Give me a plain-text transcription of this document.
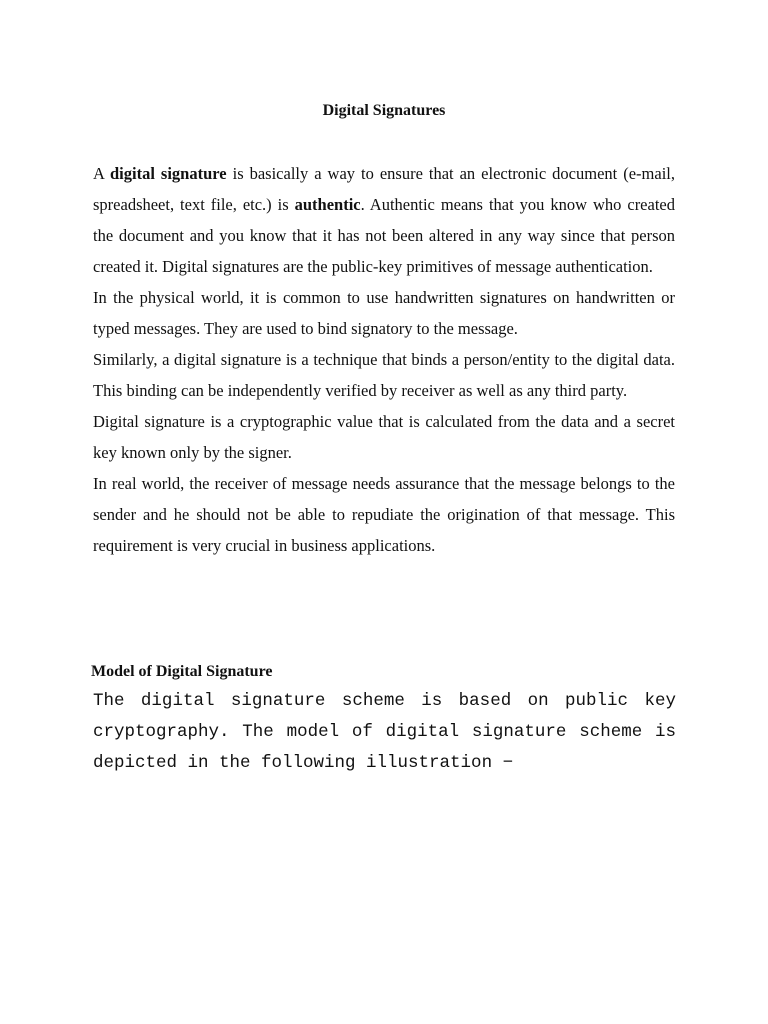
Digital Signatures

A digital signature is basically a way to ensure that an electronic document (e-mail, spreadsheet, text file, etc.) is authentic. Authentic means that you know who created the document and you know that it has not been altered in any way since that person created it. Digital signatures are the public-key primitives of message authentication.

In the physical world, it is common to use handwritten signatures on handwritten or typed messages. They are used to bind signatory to the message.

Similarly, a digital signature is a technique that binds a person/entity to the digital data. This binding can be independently verified by receiver as well as any third party.

Digital signature is a cryptographic value that is calculated from the data and a secret key known only by the signer.

In real world, the receiver of message needs assurance that the message belongs to the sender and he should not be able to repudiate the origination of that message. This requirement is very crucial in business applications.

Model of Digital Signature

The digital signature scheme is based on public key cryptography. The model of digital signature scheme is depicted in the following illustration −
